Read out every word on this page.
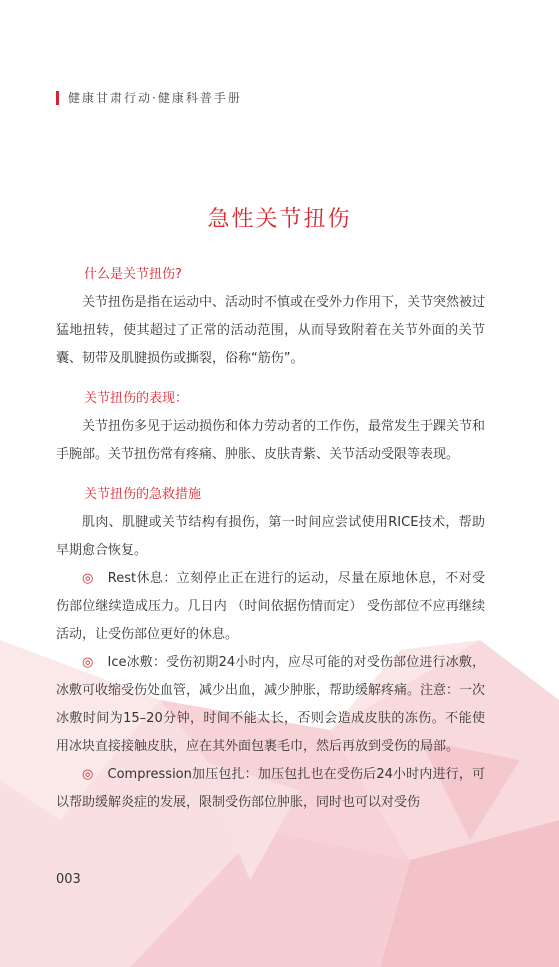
健康甘肃行动·健康科普手册
急性关节扭伤
什么是关节扭伤?
关节扭伤是指在运动中、活动时不慎或在受外力作用下，关节突然被过猛地扭转，使其超过了正常的活动范围，从而导致附着在关节外面的关节囊、韧带及肌腱损伤或撕裂，俗称“筋伤”。
关节扭伤的表现：
关节扭伤多见于运动损伤和体力劳动者的工作伤，最常发生于踝关节和手腕部。关节扭伤常有疼痛、肿胀、皮肤青紫、关节活动受限等表现。
关节扭伤的急救措施
肌肉、肌腱或关节结构有损伤，第一时间应尝试使用RICE技术，帮助早期愈合恢复。
◎ Rest休息：立刻停止正在进行的运动，尽量在原地休息，不对受伤部位继续造成压力。几日内 （时间依据伤情而定） 受伤部位不应再继续活动，让受伤部位更好的休息。
◎ Ice冰敷：受伤初期24小时内，应尽可能的对受伤部位进行冰敷，冰敷可收缩受伤处血管，减少出血，减少肿胀，帮助缓解疼痛。注意：一次冰敷时间为15–20分钟，时间不能太长，否则会造成皮肤的冻伤。不能使用冰块直接接触皮肤，应在其外面包裹毛巾，然后再放到受伤的局部。
◎ Compression加压包扎：加压包扎也在受伤后24小时内进行，可以帮助缓解炎症的发展，限制受伤部位肿胀，同时也可以对受伤
003
